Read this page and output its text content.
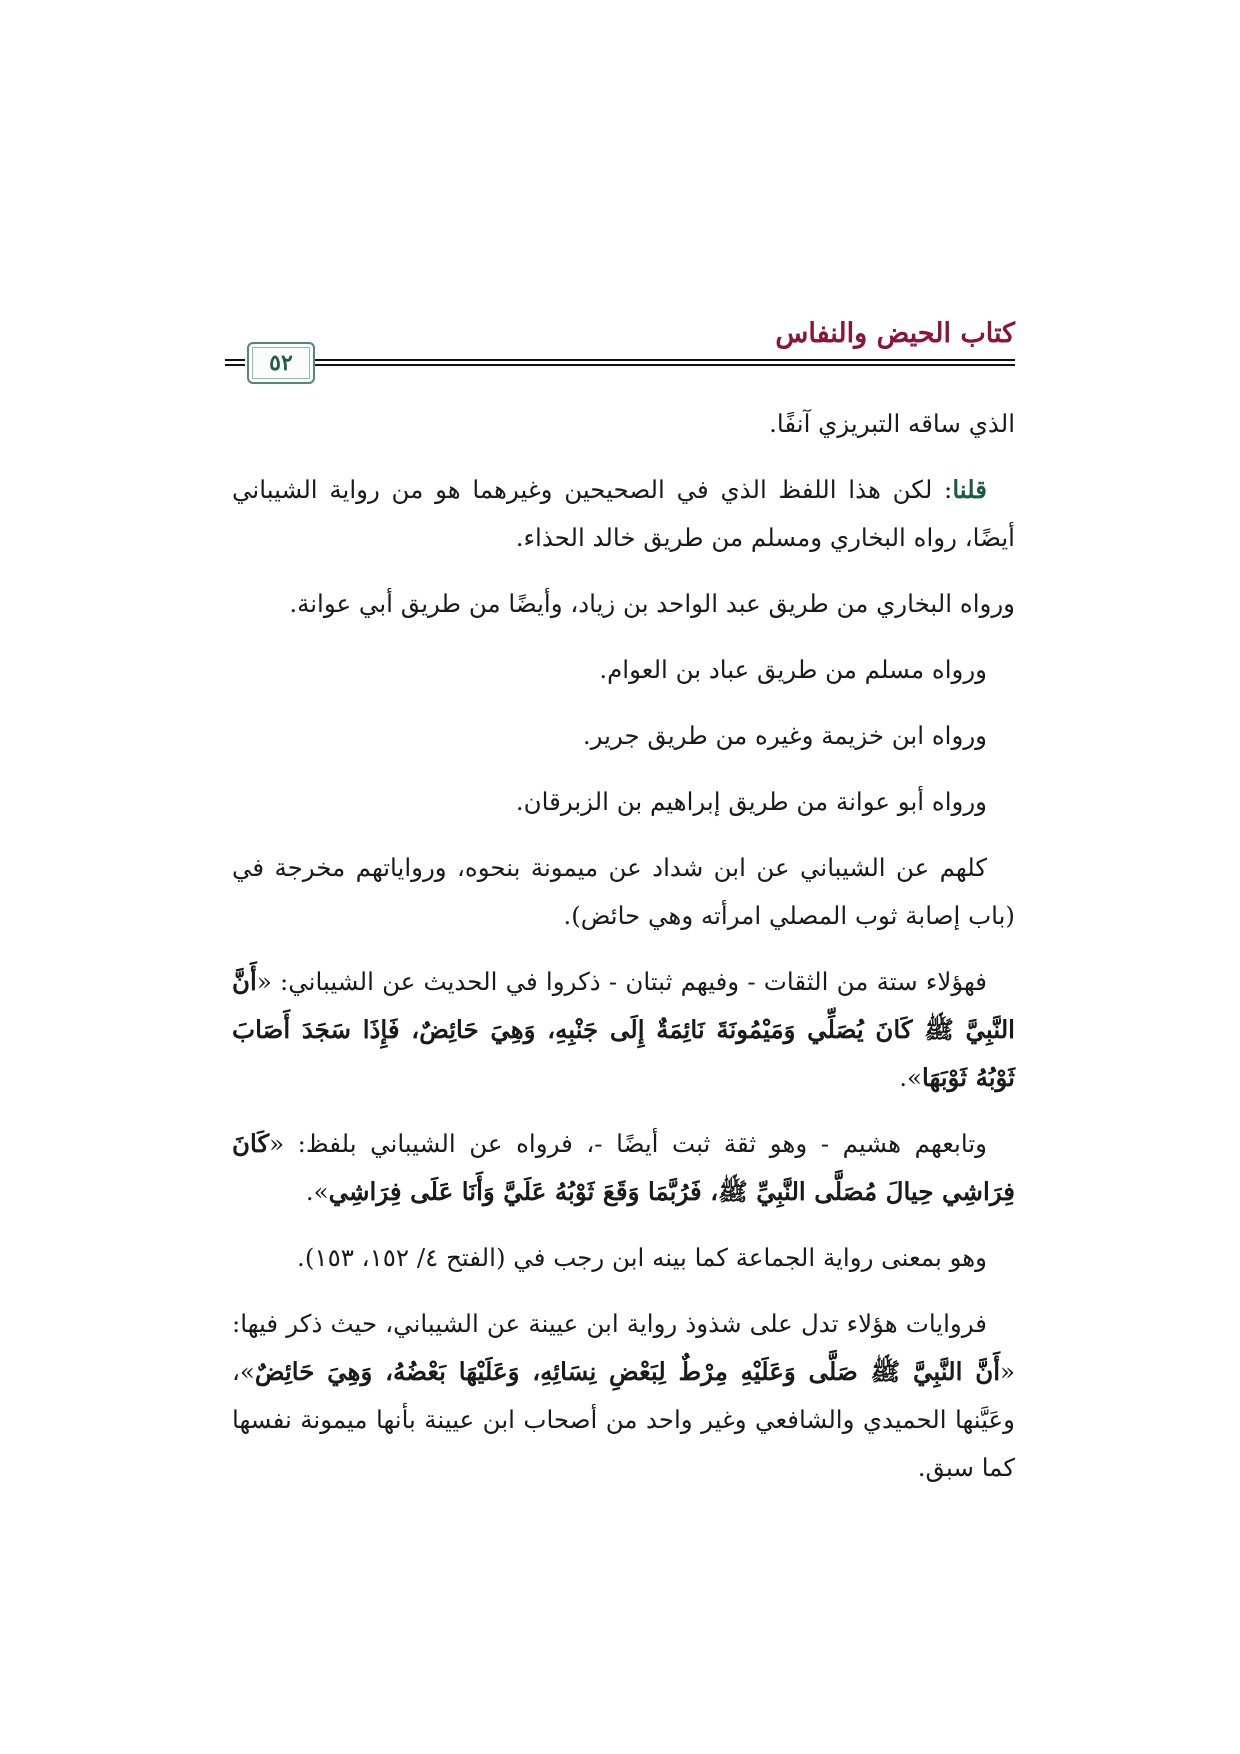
كتاب الحيض والنفاس
٥٢

الذي ساقه التبريزي آنفًا.

قلنا: لكن هذا اللفظ الذي في الصحيحين وغيرهما هو من رواية الشيباني أيضًا، رواه البخاري ومسلم من طريق خالد الحذاء.

ورواه البخاري من طريق عبد الواحد بن زياد، وأيضًا من طريق أبي عوانة.

ورواه مسلم من طريق عباد بن العوام.

ورواه ابن خزيمة وغيره من طريق جرير.

ورواه أبو عوانة من طريق إبراهيم بن الزبرقان.

كلهم عن الشيباني عن ابن شداد عن ميمونة بنحوه، ورواياتهم مخرجة في (باب إصابة ثوب المصلي امرأته وهي حائض).

فهؤلاء ستة من الثقات - وفيهم ثبتان - ذكروا في الحديث عن الشيباني: «أَنَّ النَّبِيَّ ﷺ كَانَ يُصَلِّي وَمَيْمُونَةَ نَائِمَةٌ إِلَى جَنْبِهِ، وَهِيَ حَائِضٌ، فَإِذَا سَجَدَ أَصَابَ ثَوْبُهُ ثَوْبَهَا».

وتابعهم هشيم - وهو ثقة ثبت أيضًا -، فرواه عن الشيباني بلفظ: «كَانَ فِرَاشِي حِيالَ مُصَلَّى النَّبِيِّ ﷺ، فَرُبَّمَا وَقَعَ ثَوْبُهُ عَلَيَّ وَأَنَا عَلَى فِرَاشِي».

وهو بمعنى رواية الجماعة كما بينه ابن رجب في (الفتح ٤/ ١٥٢، ١٥٣).

فروايات هؤلاء تدل على شذوذ رواية ابن عيينة عن الشيباني، حيث ذكر فيها: «أَنَّ النَّبِيَّ ﷺ صَلَّى وَعَلَيْهِ مِرْطٌ لِبَعْضِ نِسَائِهِ، وَعَلَيْهَا بَعْضُهُ، وَهِيَ حَائِضٌ»، وعَيَّنها الحميدي والشافعي وغير واحد من أصحاب ابن عيينة بأنها ميمونة نفسها كما سبق.
